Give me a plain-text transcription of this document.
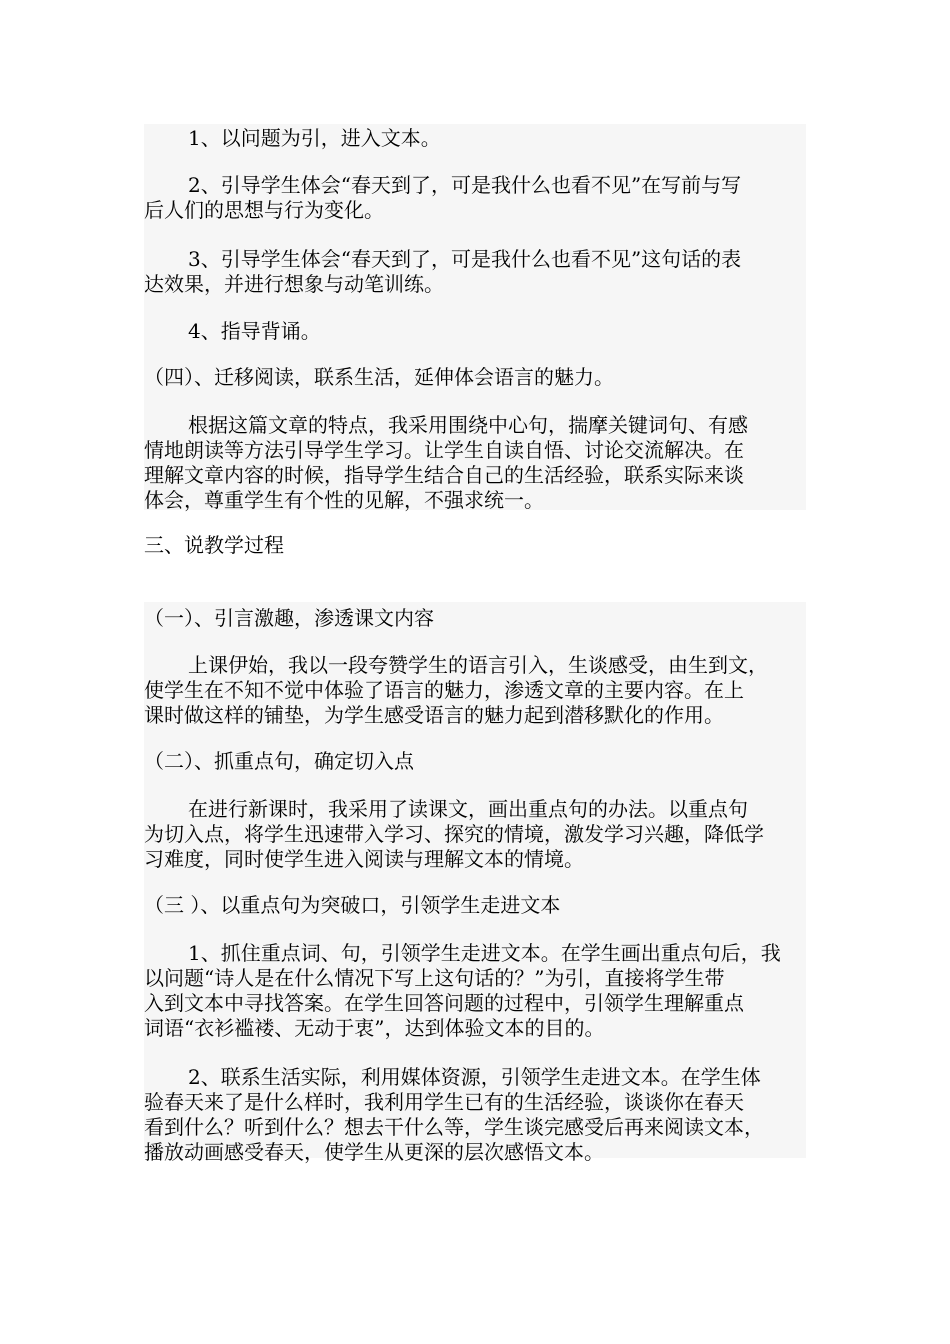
1、以问题为引，进入文本。

2、引导学生体会“春天到了，可是我什么也看不见”在写前与写

后人们的思想与行为变化。

3、引导学生体会“春天到了，可是我什么也看不见”这句话的表

达效果，并进行想象与动笔训练。

4、指导背诵。

（四）、迁移阅读，联系生活，延伸体会语言的魅力。

根据这篇文章的特点，我采用围绕中心句，揣摩关键词句、有感

情地朗读等方法引导学生学习。让学生自读自悟、讨论交流解决。在

理解文章内容的时候，指导学生结合自己的生活经验，联系实际来谈

体会，尊重学生有个性的见解，不强求统一。

三、说教学过程

（一）、引言激趣，渗透课文内容

上课伊始，我以一段夸赞学生的语言引入，生谈感受，由生到文，

使学生在不知不觉中体验了语言的魅力，渗透文章的主要内容。在上

课时做这样的铺垫，为学生感受语言的魅力起到潜移默化的作用。

（二）、抓重点句，确定切入点

在进行新课时，我采用了读课文，画出重点句的办法。以重点句

为切入点，将学生迅速带入学习、探究的情境，激发学习兴趣，降低学

习难度，同时使学生进入阅读与理解文本的情境。

（三 ）、以重点句为突破口，引领学生走进文本

1、抓住重点词、句，引领学生走进文本。在学生画出重点句后，我

以问题“诗人是在什么情况下写上这句话的？”为引，直接将学生带

入到文本中寻找答案。在学生回答问题的过程中，引领学生理解重点

词语“衣衫褴褛、无动于衷”，达到体验文本的目的。

2、联系生活实际，利用媒体资源，引领学生走进文本。在学生体

验春天来了是什么样时，我利用学生已有的生活经验，谈谈你在春天

看到什么？听到什么？想去干什么等，学生谈完感受后再来阅读文本，

播放动画感受春天，使学生从更深的层次感悟文本。
